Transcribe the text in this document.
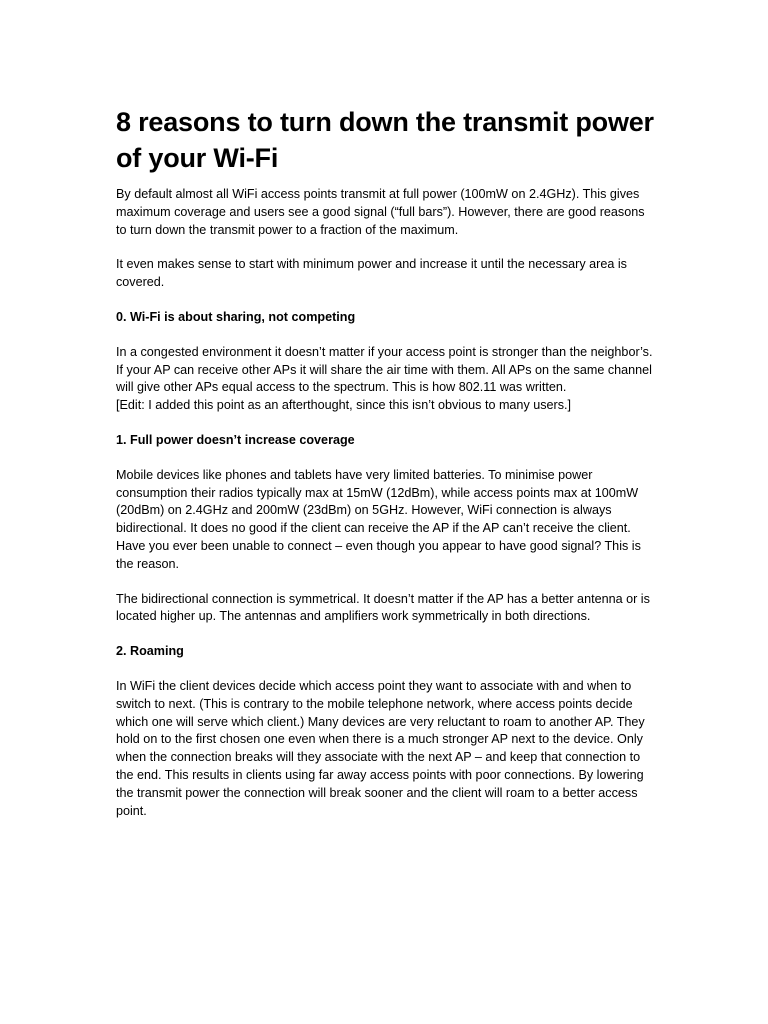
8 reasons to turn down the transmit power of your Wi-Fi

By default almost all WiFi access points transmit at full power (100mW on 2.4GHz). This gives maximum coverage and users see a good signal (“full bars”). However, there are good reasons to turn down the transmit power to a fraction of the maximum.

It even makes sense to start with minimum power and increase it until the necessary area is covered.

0. Wi-Fi is about sharing, not competing

In a congested environment it doesn’t matter if your access point is stronger than the neighbor’s. If your AP can receive other APs it will share the air time with them. All APs on the same channel will give other APs equal access to the spectrum. This is how 802.11 was written.
[Edit: I added this point as an afterthought, since this isn’t obvious to many users.]

1. Full power doesn’t increase coverage

Mobile devices like phones and tablets have very limited batteries. To minimise power consumption their radios typically max at 15mW (12dBm), while access points max at 100mW (20dBm) on 2.4GHz and 200mW (23dBm) on 5GHz. However, WiFi connection is always bidirectional. It does no good if the client can receive the AP if the AP can’t receive the client. Have you ever been unable to connect – even though you appear to have good signal? This is the reason.

The bidirectional connection is symmetrical. It doesn’t matter if the AP has a better antenna or is located higher up. The antennas and amplifiers work symmetrically in both directions.

2. Roaming

In WiFi the client devices decide which access point they want to associate with and when to switch to next. (This is contrary to the mobile telephone network, where access points decide which one will serve which client.) Many devices are very reluctant to roam to another AP. They hold on to the first chosen one even when there is a much stronger AP next to the device. Only when the connection breaks will they associate with the next AP – and keep that connection to the end. This results in clients using far away access points with poor connections. By lowering the transmit power the connection will break sooner and the client will roam to a better access point.
